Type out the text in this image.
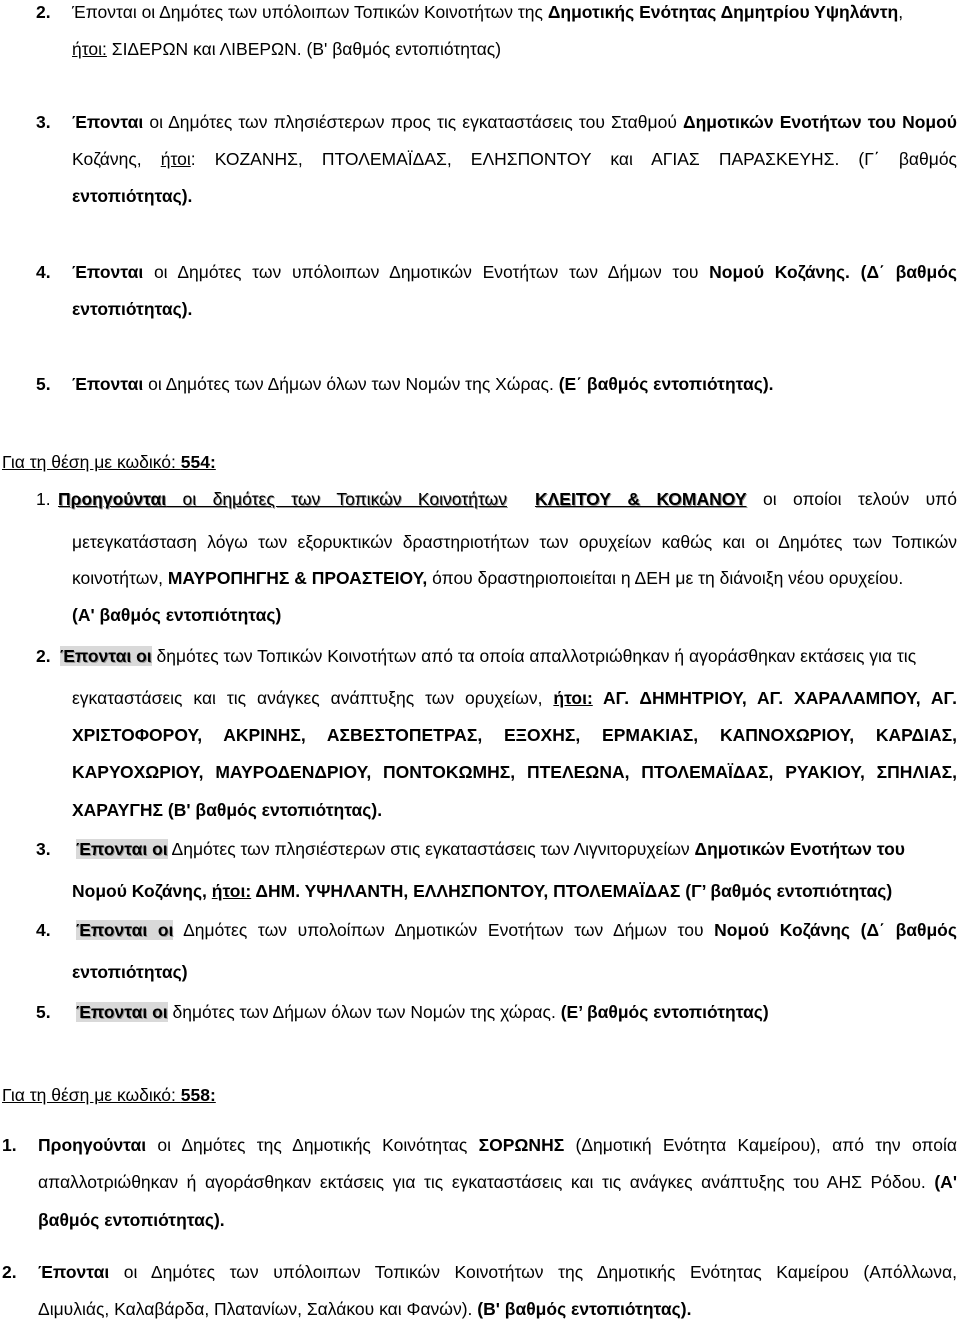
2. Έπονται οι Δημότες των υπόλοιπων Τοπικών Κοινοτήτων της Δημοτικής Ενότητας Δημητρίου Υψηλάντη,
ήτοι: ΣΙΔΕΡΩΝ και ΛΙΒΕΡΩΝ. (Β' βαθμός εντοπιότητας)
3. Έπονται οι Δημότες των πλησιέστερων προς τις εγκαταστάσεις του Σταθμού Δημοτικών Ενοτήτων του Νομού
Κοζάνης, ήτοι: ΚΟΖΑΝΗΣ, ΠΤΟΛΕΜΑΪΔΑΣ, ΕΛΗΣΠΟΝΤΟΥ και ΑΓΙΑΣ ΠΑΡΑΣΚΕΥΗΣ. (Γ΄ βαθμός
εντοπιότητας).
4. Έπονται οι Δημότες των υπόλοιπων Δημοτικών Ενοτήτων των Δήμων του Νομού Κοζάνης. (Δ΄ βαθμός
εντοπιότητας).
5. Έπονται οι Δημότες των Δήμων όλων των Νομών της Χώρας. (Ε΄ βαθμός εντοπιότητας).
Για τη θέση με κωδικό: 554:
1. Προηγούνται οι δημότες των Τοπικών Κοινοτήτων ΚΛΕΙΤΟΥ & ΚΟΜΑΝΟΥ οι οποίοι τελούν υπό
μετεγκατάσταση λόγω των εξορυκτικών δραστηριοτήτων των ορυχείων καθώς και οι Δημότες των Τοπικών
κοινοτήτων, ΜΑΥΡΟΠΗΓΗΣ & ΠΡΟΑΣΤΕΙΟΥ, όπου δραστηριοποιείται η ΔΕΗ με τη διάνοιξη νέου ορυχείου.
(Α' βαθμός εντοπιότητας)
2. Έπονται οι δημότες των Τοπικών Κοινοτήτων από τα οποία απαλλοτριώθηκαν ή αγοράσθηκαν εκτάσεις για τις
εγκαταστάσεις και τις ανάγκες ανάπτυξης των ορυχείων, ήτοι: ΑΓ. ΔΗΜΗΤΡΙΟΥ, ΑΓ. ΧΑΡΑΛΑΜΠΟΥ, ΑΓ.
ΧΡΙΣΤΟΦΟΡΟΥ, ΑΚΡΙΝΗΣ, ΑΣΒΕΣΤΟΠΕΤΡΑΣ, ΕΞΟΧΗΣ, ΕΡΜΑΚΙΑΣ, ΚΑΠΝΟΧΩΡΙΟΥ, ΚΑΡΔΙΑΣ,
ΚΑΡΥΟΧΩΡΙΟΥ, ΜΑΥΡΟΔΕΝΔΡΙΟΥ, ΠΟΝΤΟΚΩΜΗΣ, ΠΤΕΛΕΩΝΑ, ΠΤΟΛΕΜΑΪΔΑΣ, ΡΥΑΚΙΟΥ, ΣΠΗΛΙΑΣ,
ΧΑΡΑΥΓΗΣ (Β' βαθμός εντοπιότητας).
3. Έπονται οι Δημότες των πλησιέστερων στις εγκαταστάσεις των Λιγνιτορυχείων Δημοτικών Ενοτήτων του
Νομού Κοζάνης, ήτοι: ΔΗΜ. ΥΨΗΛΑΝΤΗ, ΕΛΛΗΣΠΟΝΤΟΥ, ΠΤΟΛΕΜΑΪΔΑΣ (Γ’ βαθμός εντοπιότητας)
4. Έπονται οι Δημότες των υπολοίπων Δημοτικών Ενοτήτων των Δήμων του Νομού Κοζάνης (Δ΄ βαθμός
εντοπιότητας)
5. Έπονται οι δημότες των Δήμων όλων των Νομών της χώρας. (Ε’ βαθμός εντοπιότητας)
Για τη θέση με κωδικό: 558:
1. Προηγούνται οι Δημότες της Δημοτικής Κοινότητας ΣΟΡΩΝΗΣ (Δημοτική Ενότητα Καμείρου), από την οποία
απαλλοτριώθηκαν ή αγοράσθηκαν εκτάσεις για τις εγκαταστάσεις και τις ανάγκες ανάπτυξης του ΑΗΣ Ρόδου. (Α'
βαθμός εντοπιότητας).
2. Έπονται οι Δημότες των υπόλοιπων Τοπικών Κοινοτήτων της Δημοτικής Ενότητας Καμείρου (Απόλλωνα,
Διμυλιάς, Καλαβάρδα, Πλατανίων, Σαλάκου και Φανών). (Β' βαθμός εντοπιότητας).
